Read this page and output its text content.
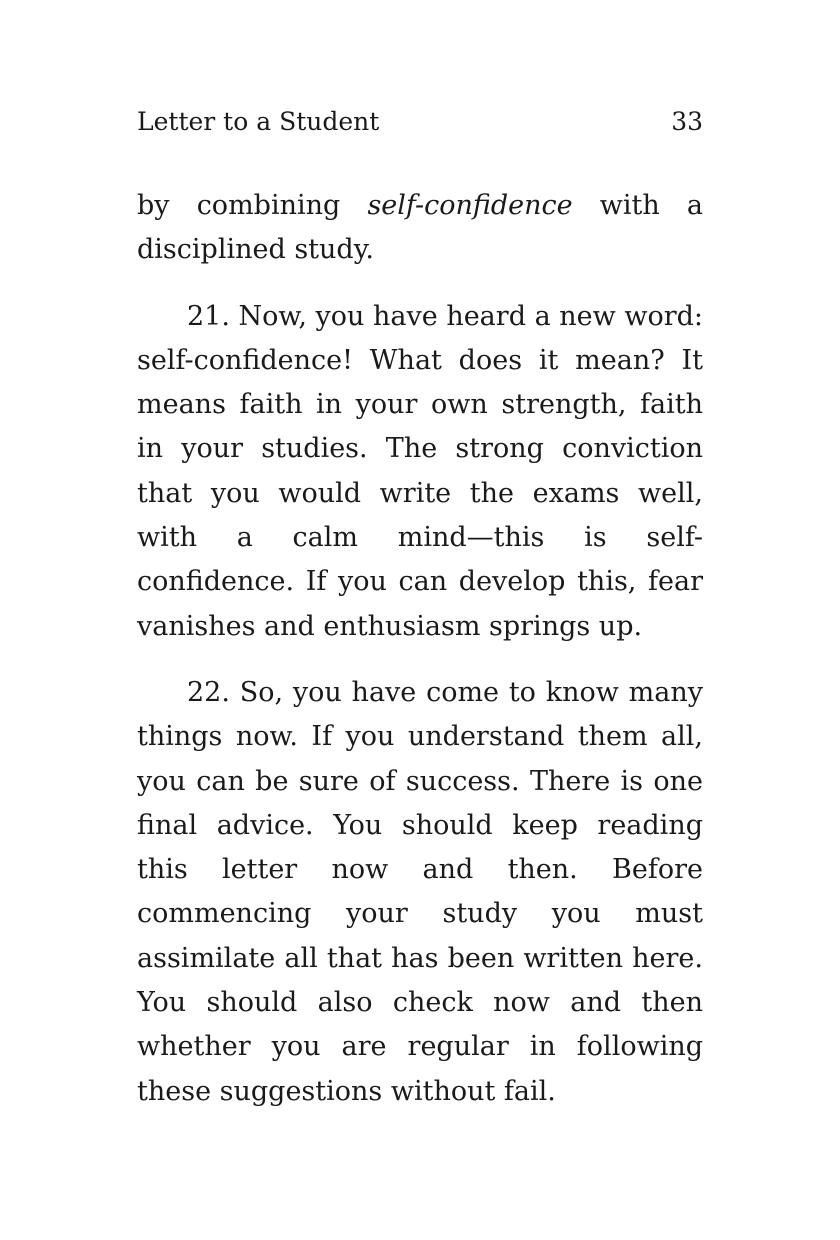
Letter to a Student	33

by combining self-confidence with a disciplined study.

21. Now, you have heard a new word: self-confidence! What does it mean? It means faith in your own strength, faith in your studies. The strong conviction that you would write the exams well, with a calm mind—this is self-confidence. If you can develop this, fear vanishes and enthusiasm springs up.

22. So, you have come to know many things now. If you understand them all, you can be sure of success. There is one final advice. You should keep reading this letter now and then. Before commencing your study you must assimilate all that has been written here. You should also check now and then whether you are regular in following these suggestions without fail.
